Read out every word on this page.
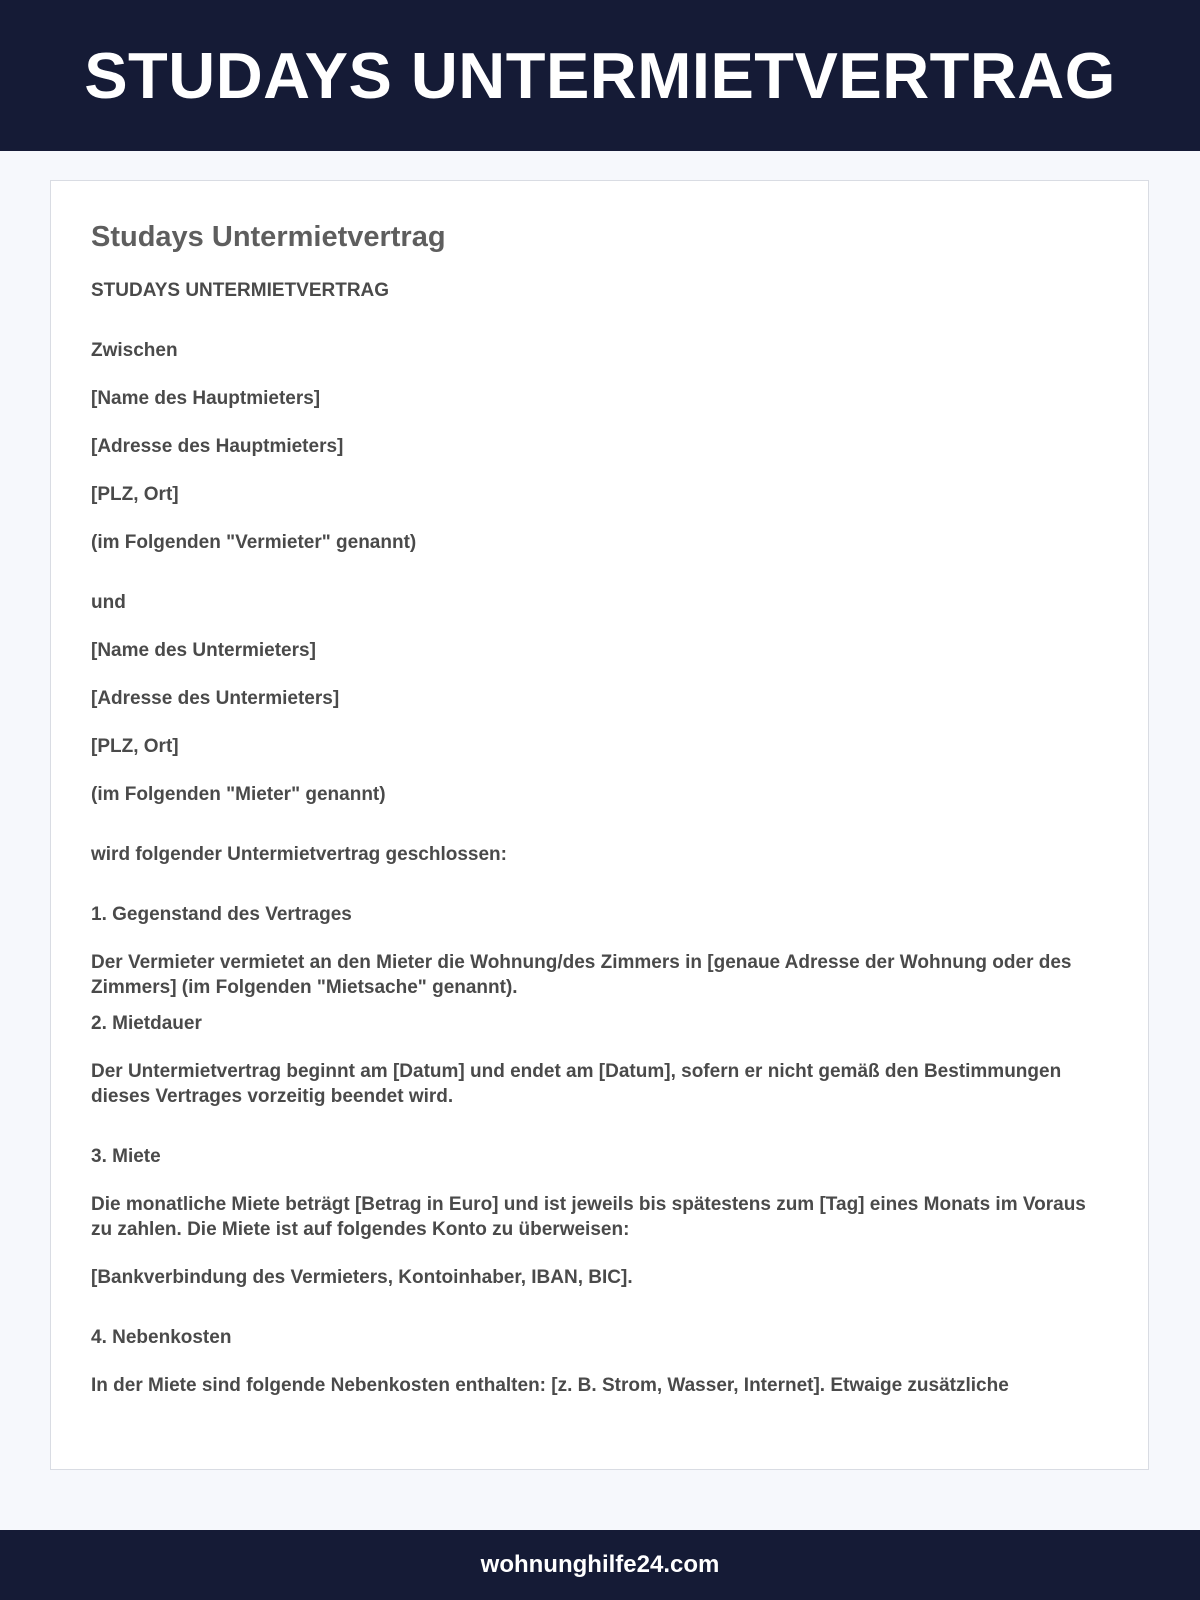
STUDAYS UNTERMIETVERTRAG
Studays Untermietvertrag

STUDAYS UNTERMIETVERTRAG

Zwischen

[Name des Hauptmieters]

[Adresse des Hauptmieters]

[PLZ, Ort]

(im Folgenden "Vermieter" genannt)

und

[Name des Untermieters]

[Adresse des Untermieters]

[PLZ, Ort]

(im Folgenden "Mieter" genannt)

wird folgender Untermietvertrag geschlossen:

1. Gegenstand des Vertrages

Der Vermieter vermietet an den Mieter die Wohnung/des Zimmers in [genaue Adresse der Wohnung oder des Zimmers] (im Folgenden "Mietsache" genannt).

2. Mietdauer

Der Untermietvertrag beginnt am [Datum] und endet am [Datum], sofern er nicht gemäß den Bestimmungen dieses Vertrages vorzeitig beendet wird.

3. Miete

Die monatliche Miete beträgt [Betrag in Euro] und ist jeweils bis spätestens zum [Tag] eines Monats im Voraus zu zahlen. Die Miete ist auf folgendes Konto zu überweisen:

[Bankverbindung des Vermieters, Kontoinhaber, IBAN, BIC].

4. Nebenkosten

In der Miete sind folgende Nebenkosten enthalten: [z. B. Strom, Wasser, Internet]. Etwaige zusätzliche

wohnunghilfe24.com
